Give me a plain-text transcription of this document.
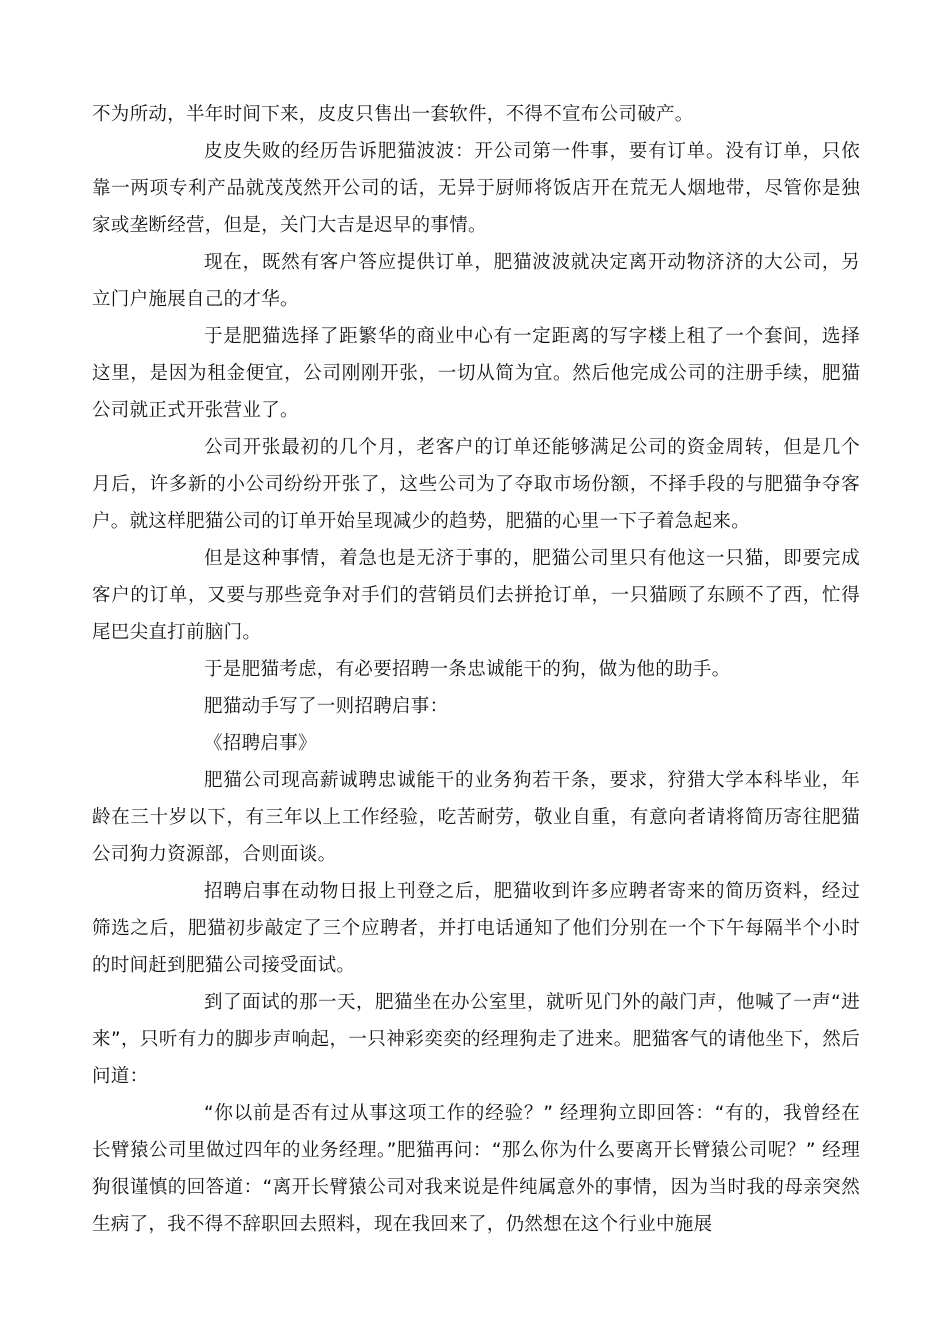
不为所动，半年时间下来，皮皮只售出一套软件，不得不宣布公司破产。

皮皮失败的经历告诉肥猫波波：开公司第一件事，要有订单。没有订单，只依靠一两项专利产品就茂茂然开公司的话，无异于厨师将饭店开在荒无人烟地带，尽管你是独家或垄断经营，但是，关门大吉是迟早的事情。

现在，既然有客户答应提供订单，肥猫波波就决定离开动物济济的大公司，另立门户施展自己的才华。

于是肥猫选择了距繁华的商业中心有一定距离的写字楼上租了一个套间，选择这里，是因为租金便宜，公司刚刚开张，一切从简为宜。然后他完成公司的注册手续，肥猫公司就正式开张营业了。

公司开张最初的几个月，老客户的订单还能够满足公司的资金周转，但是几个月后，许多新的小公司纷纷开张了，这些公司为了夺取市场份额，不择手段的与肥猫争夺客户。就这样肥猫公司的订单开始呈现减少的趋势，肥猫的心里一下子着急起来。

但是这种事情，着急也是无济于事的，肥猫公司里只有他这一只猫，即要完成客户的订单，又要与那些竞争对手们的营销员们去拼抢订单，一只猫顾了东顾不了西，忙得尾巴尖直打前脑门。

于是肥猫考虑，有必要招聘一条忠诚能干的狗，做为他的助手。

肥猫动手写了一则招聘启事：

《招聘启事》

肥猫公司现高薪诚聘忠诚能干的业务狗若干条，要求，狩猎大学本科毕业，年龄在三十岁以下，有三年以上工作经验，吃苦耐劳，敬业自重，有意向者请将简历寄往肥猫公司狗力资源部，合则面谈。

招聘启事在动物日报上刊登之后，肥猫收到许多应聘者寄来的简历资料，经过筛选之后，肥猫初步敲定了三个应聘者，并打电话通知了他们分别在一个下午每隔半个小时的时间赶到肥猫公司接受面试。

到了面试的那一天，肥猫坐在办公室里，就听见门外的敲门声，他喊了一声“进来”，只听有力的脚步声响起，一只神彩奕奕的经理狗走了进来。肥猫客气的请他坐下，然后问道：

“你以前是否有过从事这项工作的经验？” 经理狗立即回答：“有的，我曾经在长臂猿公司里做过四年的业务经理。”肥猫再问：“那么你为什么要离开长臂猿公司呢？” 经理狗很谨慎的回答道：“离开长臂猿公司对我来说是件纯属意外的事情，因为当时我的母亲突然生病了，我不得不辞职回去照料，现在我回来了，仍然想在这个行业中施展
